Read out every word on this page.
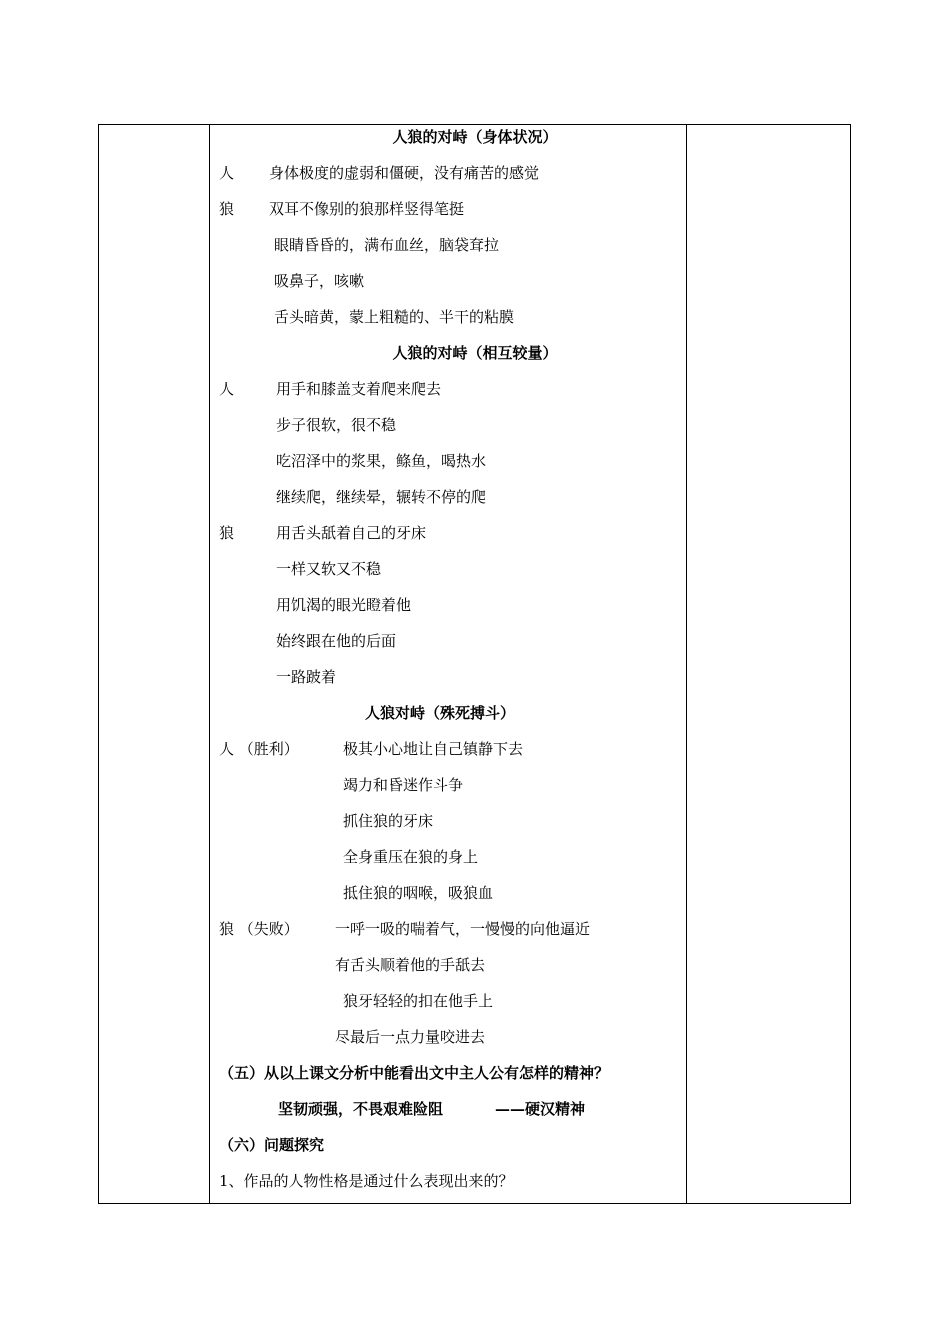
人狼的对峙（身体状况）
人 身体极度的虚弱和僵硬，没有痛苦的感觉
狼 双耳不像别的狼那样竖得笔挺
眼睛昏昏的，满布血丝，脑袋耷拉
吸鼻子，咳嗽
舌头暗黄，蒙上粗糙的、半干的粘膜
人狼的对峙（相互较量）
人	用手和膝盖支着爬来爬去
步子很软，很不稳
吃沼泽中的浆果，鲦鱼，喝热水
继续爬，继续晕，辗转不停的爬
狼	用舌头舐着自己的牙床
一样又软又不稳
用饥渴的眼光瞪着他
始终跟在他的后面
一路跛着
人狼对峙（殊死搏斗）
人 （胜利）	极其小心地让自己镇静下去
竭力和昏迷作斗争
抓住狼的牙床
全身重压在狼的身上
抵住狼的咽喉，吸狼血
狼 （失败） 一呼一吸的喘着气，一慢慢的向他逼近
有舌头顺着他的手舐去
狼牙轻轻的扣在他手上
尽最后一点力量咬进去
（五）从以上课文分析中能看出文中主人公有怎样的精神？
坚韧顽强，不畏艰难险阻	——硬汉精神
（六）问题探究
1、作品的人物性格是通过什么表现出来的？
